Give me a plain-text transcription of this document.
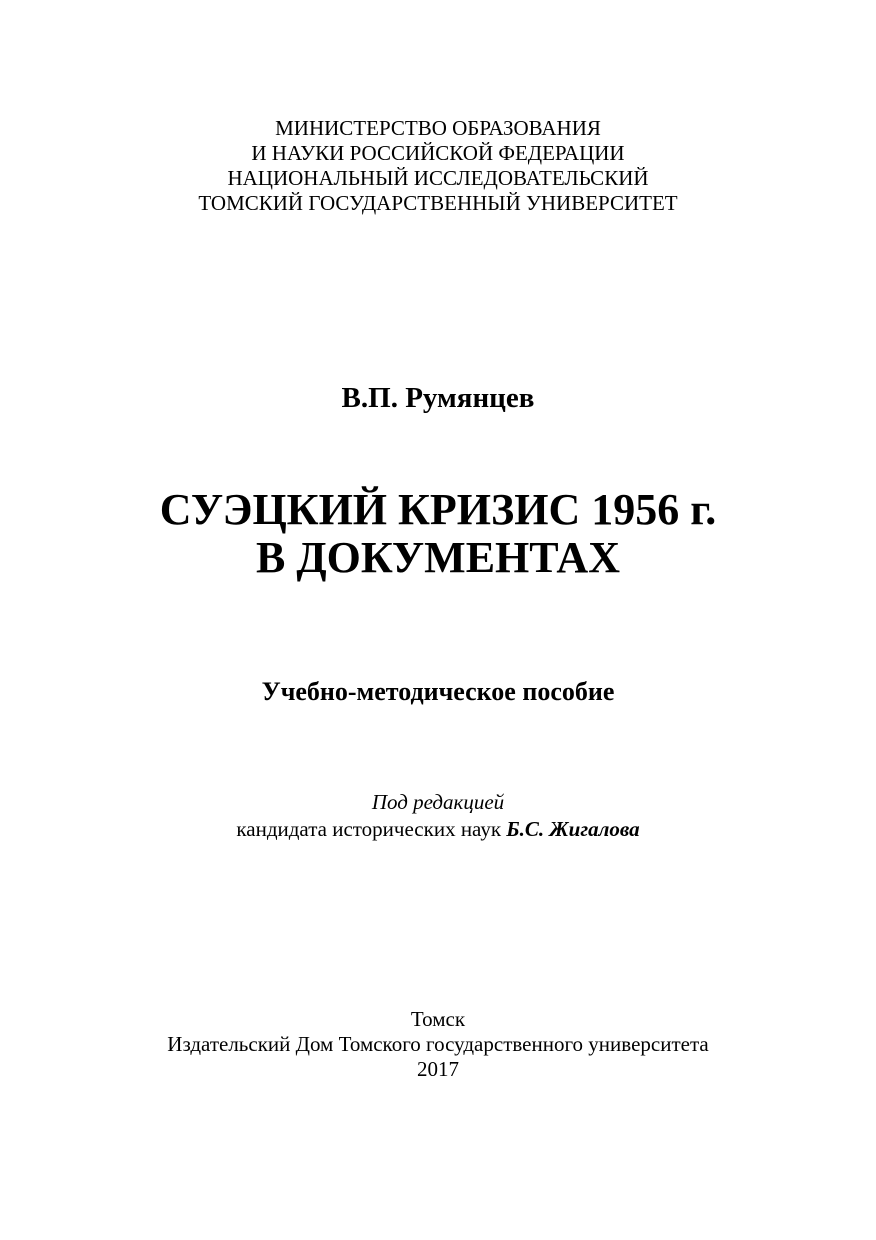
МИНИСТЕРСТВО ОБРАЗОВАНИЯ
И НАУКИ РОССИЙСКОЙ ФЕДЕРАЦИИ
НАЦИОНАЛЬНЫЙ ИССЛЕДОВАТЕЛЬСКИЙ
ТОМСКИЙ ГОСУДАРСТВЕННЫЙ УНИВЕРСИТЕТ
В.П. Румянцев
СУЭЦКИЙ КРИЗИС 1956 г.
В ДОКУМЕНТАХ
Учебно-методическое пособие
Под редакцией
кандидата исторических наук Б.С. Жигалова
Томск
Издательский Дом Томского государственного университета
2017
